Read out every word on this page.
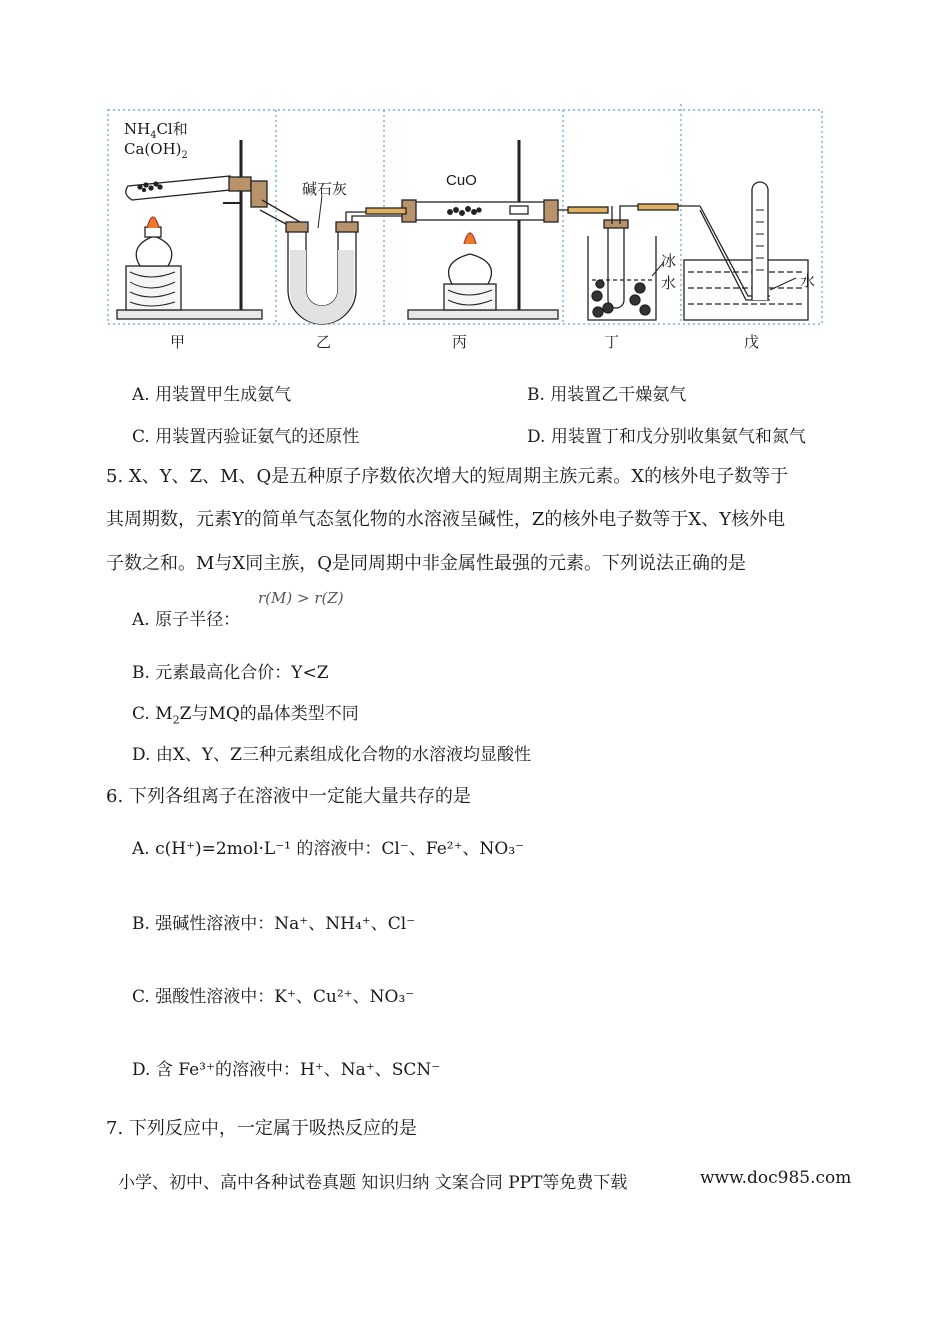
$NH_4Cl$和
$Ca(OH)_2$
碱石灰	CuO
冰
水	水
甲	乙	丙	丁	戊
A. 用装置甲生成氨气	B. 用装置乙干燥氨气
C. 用装置丙验证氨气的还原性	D. 用装置丁和戊分别收集氨气和氮气
5. X、Y、Z、M、Q是五种原子序数依次增大的短周期主族元素。X的核外电子数等于
其周期数，元素Y的简单气态氢化物的水溶液呈碱性，Z的核外电子数等于X、Y核外电
子数之和。M与X同主族，Q是同周期中非金属性最强的元素。下列说法正确的是
A. 原子半径：
r(M) > r(Z)
B. 元素最高化合价：Y<Z
C. $M_2Z$与MQ的晶体类型不同
D. 由X、Y、Z三种元素组成化合物的水溶液均显酸性
6. 下列各组离子在溶液中一定能大量共存的是
A. c(H⁺)=2mol·L⁻¹ 的溶液中：Cl⁻、Fe²⁺、NO₃⁻
B. 强碱性溶液中：Na⁺、NH₄⁺、Cl⁻
C. 强酸性溶液中：K⁺、Cu²⁺、NO₃⁻
D. 含 Fe³⁺的溶液中：H⁺、Na⁺、SCN⁻
7. 下列反应中，一定属于吸热反应的是
小学、初中、高中各种试卷真题 知识归纳 文案合同 PPT等免费下载	www.doc985.com
